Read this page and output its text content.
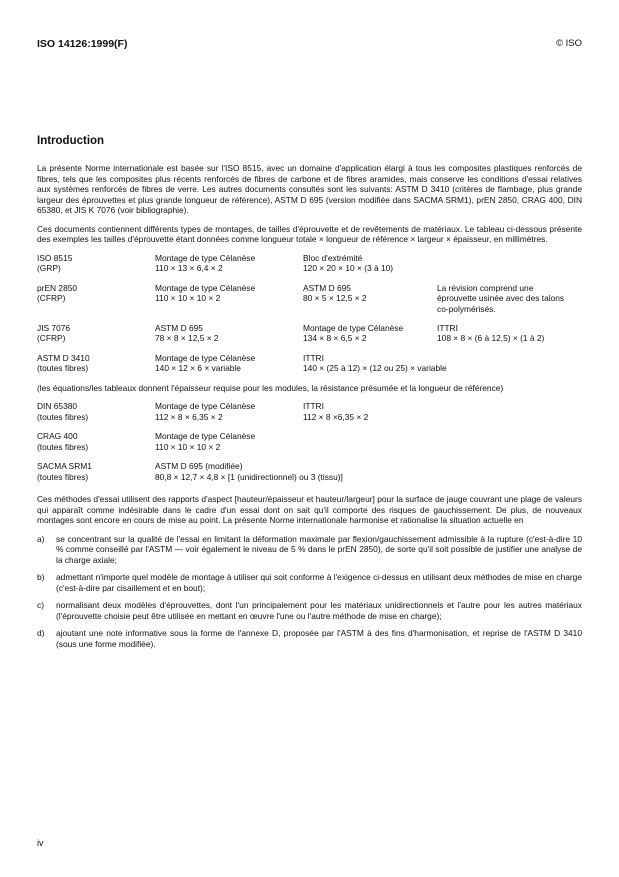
ISO 14126:1999(F)	© ISO
Introduction

La présente Norme internationale est basée sur l'ISO 8515, avec un domaine d'application élargi à tous les composites plastiques renforcés de fibres, tels que les composites plus récents renforcés de fibres de carbone et de fibres aramides, mais conserve les conditions d'essai relatives aux systèmes renforcés de fibres de verre. Les autres documents consultés sont les suivants: ASTM D 3410 (critères de flambage, plus grande largeur des éprouvettes et plus grande longueur de référence), ASTM D 695 (version modifiée dans SACMA SRM1), prEN 2850, CRAG 400, DIN 65380, et JIS K 7076 (voir bibliographie).

Ces documents contiennent différents types de montages, de tailles d'éprouvette et de revêtements de matériaux. Le tableau ci-dessous présente des exemples les tailles d'éprouvette étant données comme longueur totale × longueur de référence × largeur × épaisseur, en millimètres.

ISO 8515
(GRP)
Montage de type Célanèse
110 × 13 × 6,4 × 2
Bloc d'extrémité
120 × 20 × 10 × (3 à 10)
prEN 2850
(CFRP)
Montage de type Célanèse
110 × 10 × 10 × 2
ASTM D 695
80 × 5 × 12,5 × 2
La révision comprend une éprouvette usinée avec des talons co-polymérisés.
JIS 7076
(CFRP)
ASTM D 695
78 × 8 × 12,5 × 2
Montage de type Célanèse
134 × 8 × 6,5 × 2
ITTRI
108 × 8 × (6 à 12,5) × (1 à 2)
ASTM D 3410
(toutes fibres)
Montage de type Célanèse
140 × 12 × 6 × variable
ITTRI
140 × (25 à 12) × (12 ou 25) × variable

(les équations/les tableaux donnent l'épaisseur requise pour les modules, la résistance présumée et la longueur de référence)

DIN 65380
(toutes fibres)
Montage de type Célanèse
112 × 8 × 6,35 × 2
ITTRI
112 × 8 ×6,35 × 2
CRAG 400
(toutes fibres)
Montage de type Célanèse
110 × 10 × 10 × 2
SACMA SRM1
(toutes fibres)
ASTM D 695 (modifiée)
80,8 × 12,7 × 4,8 × [1 (unidirectionnel) ou 3 (tissu)]

Ces méthodes d'essai utilisent des rapports d'aspect [hauteur/épaisseur et hauteur/largeur] pour la surface de jauge couvrant une plage de valeurs qui apparaît comme indésirable dans le cadre d'un essai dont on sait qu'il comporte des risques de gauchissement. De plus, de nouveaux montages sont encore en cours de mise au point. La présente Norme internationale harmonise et rationalise la situation actuelle en

a) se concentrant sur la qualité de l'essai en limitant la déformation maximale par flexion/gauchissement admissible à la rupture (c'est-à-dire 10 % comme conseillé par l'ASTM — voir également le niveau de 5 % dans le prEN 2850), de sorte qu'il soit possible de justifier une analyse de la charge axiale;
b) admettant n'importe quel modèle de montage à utiliser qui soit conforme à l'exigence ci-dessus en utilisant deux méthodes de mise en charge (c'est-à-dire par cisaillement et en bout);
c) normalisant deux modèles d'éprouvettes, dont l'un principalement pour les matériaux unidirectionnels et l'autre pour les autres matériaux (l'éprouvette choisie peut être utilisée en mettant en œuvre l'une ou l'autre méthode de mise en charge);
d) ajoutant une note informative sous la forme de l'annexe D, proposée par l'ASTM à des fins d'harmonisation, et reprise de l'ASTM D 3410 (sous une forme modifiée).
iv
